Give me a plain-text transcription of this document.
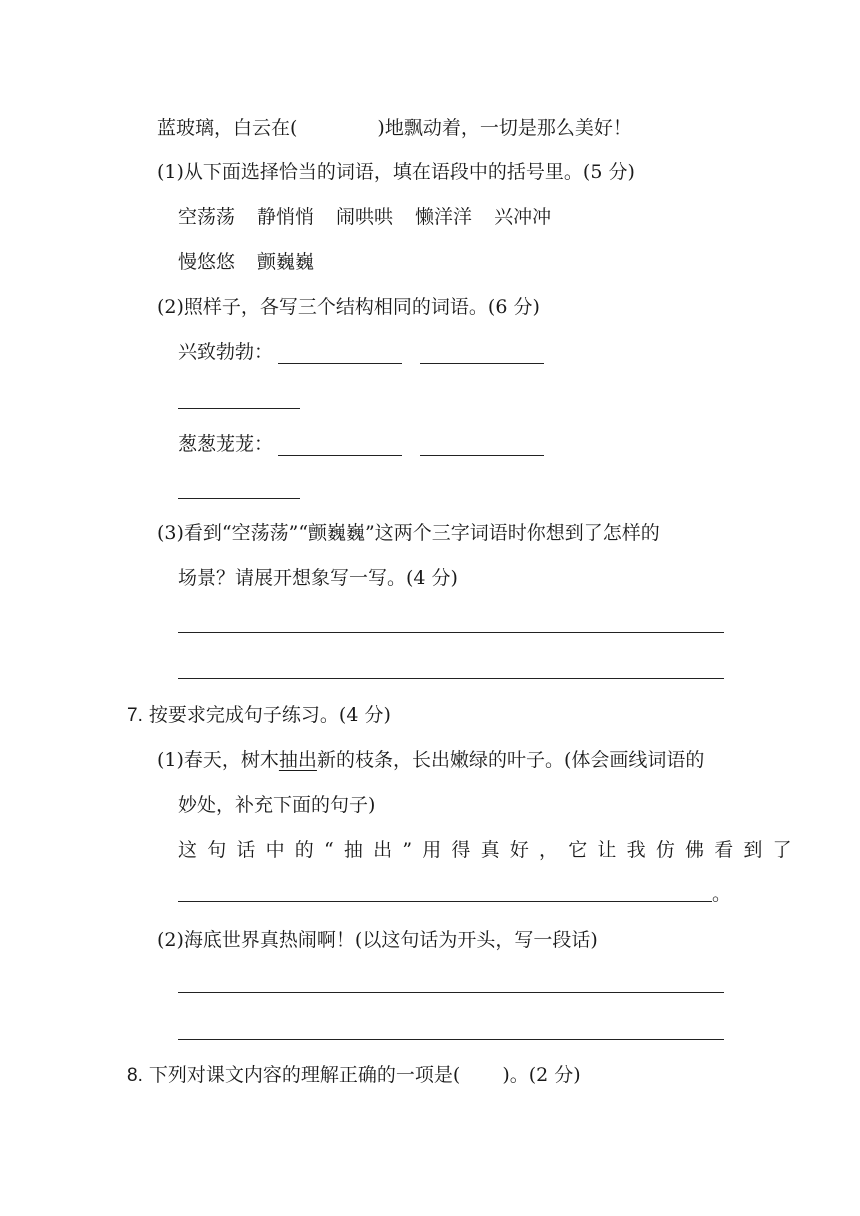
蓝玻璃，白云在(	)地飘动着，一切是那么美好！
(1)从下面选择恰当的词语，填在语段中的括号里。(5 分)
空荡荡 静悄悄 闹哄哄 懒洋洋 兴冲冲
慢悠悠 颤巍巍
(2)照样子，各写三个结构相同的词语。(6 分)
兴致勃勃：
葱葱茏茏：
(3)看到“空荡荡”“颤巍巍”这两个三字词语时你想到了怎样的
场景？请展开想象写一写。(4 分)
7. 按要求完成句子练习。(4 分)
(1)春天，树木抽出新的枝条，长出嫩绿的叶子。(体会画线词语的
妙处，补充下面的句子)
这句话中的“抽出”用得真好，它让我仿佛看到了
。
(2)海底世界真热闹啊！(以这句话为开头，写一段话)
8. 下列对课文内容的理解正确的一项是( )。(2 分)
